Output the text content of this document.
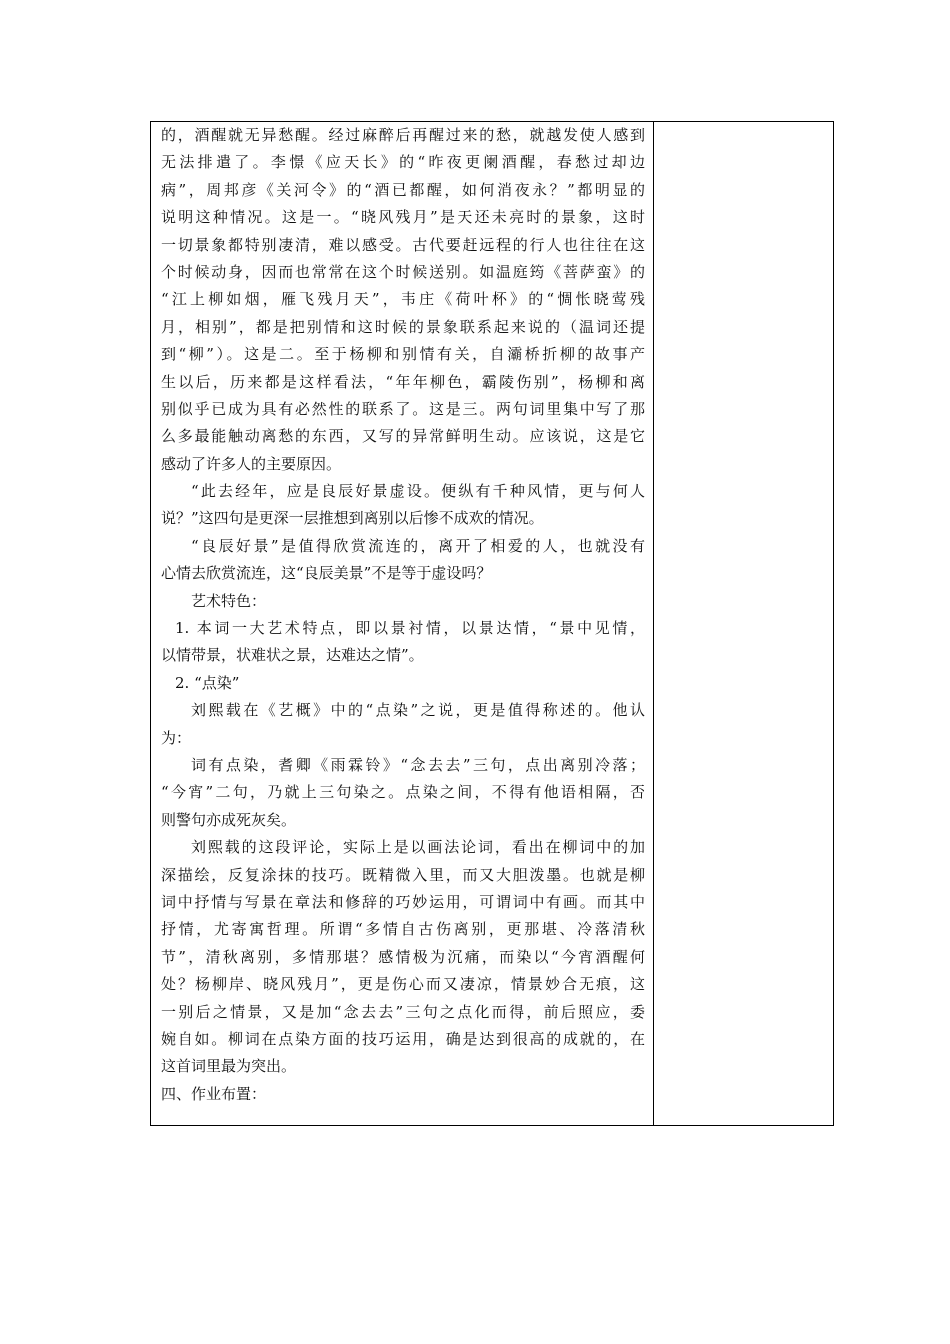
的，酒醒就无异愁醒。经过麻醉后再醒过来的愁，就越发使人感到
无法排遣了。李憬《应天长》的“昨夜更阑酒醒，春愁过却边
病”，周邦彦《关河令》的“酒已都醒，如何消夜永？”都明显的
说明这种情况。这是一。“晓风残月”是天还未亮时的景象，这时
一切景象都特别凄清，难以感受。古代要赶远程的行人也往往在这
个时候动身，因而也常常在这个时候送别。如温庭筠《菩萨蛮》的
“江上柳如烟，雁飞残月天”，韦庄《荷叶杯》的“惆怅晓莺残
月，相别”，都是把别情和这时候的景象联系起来说的（温词还提
到“柳”）。这是二。至于杨柳和别情有关，自灞桥折柳的故事产
生以后，历来都是这样看法，“年年柳色，霸陵伤别”，杨柳和离
别似乎已成为具有必然性的联系了。这是三。两句词里集中写了那
么多最能触动离愁的东西，又写的异常鲜明生动。应该说，这是它
感动了许多人的主要原因。
“此去经年，应是良辰好景虚设。便纵有千种风情，更与何人
说？”这四句是更深一层推想到离别以后惨不成欢的情况。
“良辰好景”是值得欣赏流连的，离开了相爱的人，也就没有
心情去欣赏流连，这“良辰美景”不是等于虚设吗？
艺术特色：
1. 本词一大艺术特点，即以景衬情，以景达情，“景中见情，
以情带景，状难状之景，达难达之情”。
2. “点染”
刘熙载在《艺概》中的“点染”之说，更是值得称述的。他认
为：
词有点染，耆卿《雨霖铃》“念去去”三句，点出离别冷落；
“今宵”二句，乃就上三句染之。点染之间，不得有他语相隔，否
则警句亦成死灰矣。
刘熙载的这段评论，实际上是以画法论词，看出在柳词中的加
深描绘，反复涂抹的技巧。既精微入里，而又大胆泼墨。也就是柳
词中抒情与写景在章法和修辞的巧妙运用，可谓词中有画。而其中
抒情，尤寄寓哲理。所谓“多情自古伤离别，更那堪、冷落清秋
节”，清秋离别，多情那堪？感情极为沉痛，而染以“今宵酒醒何
处？杨柳岸、晓风残月”，更是伤心而又凄凉，情景妙合无痕，这
一别后之情景，又是加“念去去”三句之点化而得，前后照应，委
婉自如。柳词在点染方面的技巧运用，确是达到很高的成就的，在
这首词里最为突出。
四、作业布置：
